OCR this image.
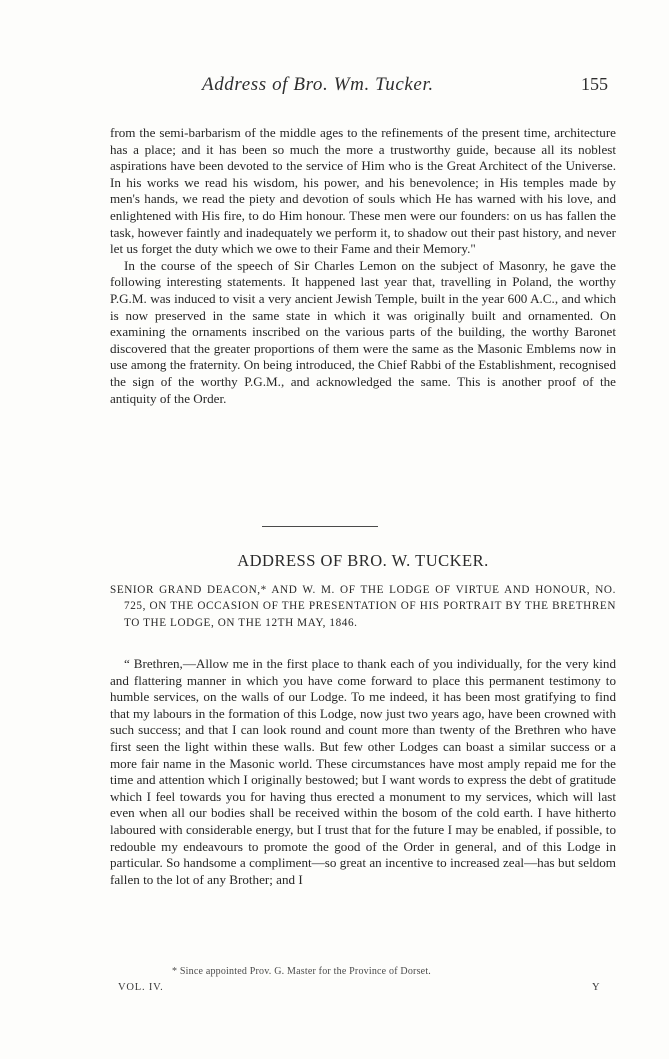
Address of Bro. Wm. Tucker.	155

from the semi-barbarism of the middle ages to the refinements of the present time, architecture has a place; and it has been so much the more a trustworthy guide, because all its noblest aspirations have been devoted to the service of Him who is the Great Architect of the Universe. In his works we read his wisdom, his power, and his benevolence; in His temples made by men's hands, we read the piety and devotion of souls which He has warned with his love, and enlightened with His fire, to do Him honour. These men were our founders: on us has fallen the task, however faintly and inadequately we perform it, to shadow out their past history, and never let us forget the duty which we owe to their Fame and their Memory."

In the course of the speech of Sir Charles Lemon on the subject of Masonry, he gave the following interesting statements. It happened last year that, travelling in Poland, the worthy P.G.M. was induced to visit a very ancient Jewish Temple, built in the year 600 A.C., and which is now preserved in the same state in which it was originally built and ornamented. On examining the ornaments inscribed on the various parts of the building, the worthy Baronet discovered that the greater proportions of them were the same as the Masonic Emblems now in use among the fraternity. On being introduced, the Chief Rabbi of the Establishment, recognised the sign of the worthy P.G.M., and acknowledged the same. This is another proof of the antiquity of the Order.

ADDRESS OF BRO. W. TUCKER.
SENIOR GRAND DEACON,* AND W. M. OF THE LODGE OF VIRTUE AND HONOUR, NO. 725, ON THE OCCASION OF THE PRESENTATION OF HIS PORTRAIT BY THE BRETHREN TO THE LODGE, ON THE 12TH MAY, 1846.

“ Brethren,—Allow me in the first place to thank each of you individually, for the very kind and flattering manner in which you have come forward to place this permanent testimony to humble services, on the walls of our Lodge. To me indeed, it has been most gratifying to find that my labours in the formation of this Lodge, now just two years ago, have been crowned with such success; and that I can look round and count more than twenty of the Brethren who have first seen the light within these walls. But few other Lodges can boast a similar success or a more fair name in the Masonic world. These circumstances have most amply repaid me for the time and attention which I originally bestowed; but I want words to express the debt of gratitude which I feel towards you for having thus erected a monument to my services, which will last even when all our bodies shall be received within the bosom of the cold earth. I have hitherto laboured with considerable energy, but I trust that for the future I may be enabled, if possible, to redouble my endeavours to promote the good of the Order in general, and of this Lodge in particular. So handsome a compliment—so great an incentive to increased zeal—has but seldom fallen to the lot of any Brother; and I

* Since appointed Prov. G. Master for the Province of Dorset.
VOL. IV.	Y
